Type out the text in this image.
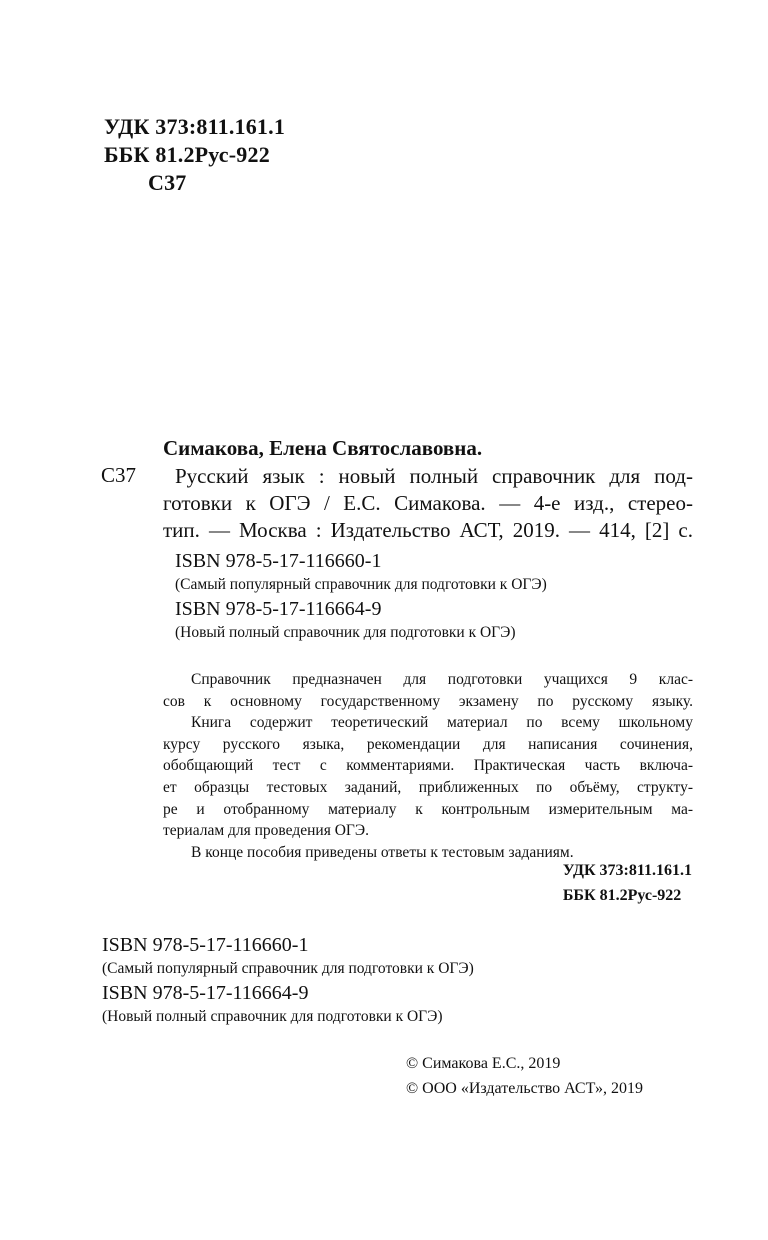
УДК 373:811.161.1
ББК 81.2Рус-922
С37
Симакова, Елена Святославовна.
С37	Русский язык : новый полный справочник для под-
готовки к ОГЭ / Е.С. Симакова. — 4-е изд., стерео-
тип. — Москва : Издательство АСТ, 2019. — 414, [2] с.
ISBN 978-5-17-116660-1
(Самый популярный справочник для подготовки к ОГЭ)
ISBN 978-5-17-116664-9
(Новый полный справочник для подготовки к ОГЭ)

Справочник предназначен для подготовки учащихся 9 клас-

сов к основному государственному экзамену по русскому языку.

Книга содержит теоретический материал по всему школьному

курсу русского языка, рекомендации для написания сочинения,

обобщающий тест с комментариями. Практическая часть включа-

ет образцы тестовых заданий, приближенных по объёму, структу-

ре и отобранному материалу к контрольным измерительным ма-

териалам для проведения ОГЭ.

В конце пособия приведены ответы к тестовым заданиям.

УДК 373:811.161.1
ББК 81.2Рус-922
ISBN 978-5-17-116660-1
(Самый популярный справочник для подготовки к ОГЭ)
ISBN 978-5-17-116664-9
(Новый полный справочник для подготовки к ОГЭ)
© Симакова Е.С., 2019
© ООО «Издательство АСТ», 2019
